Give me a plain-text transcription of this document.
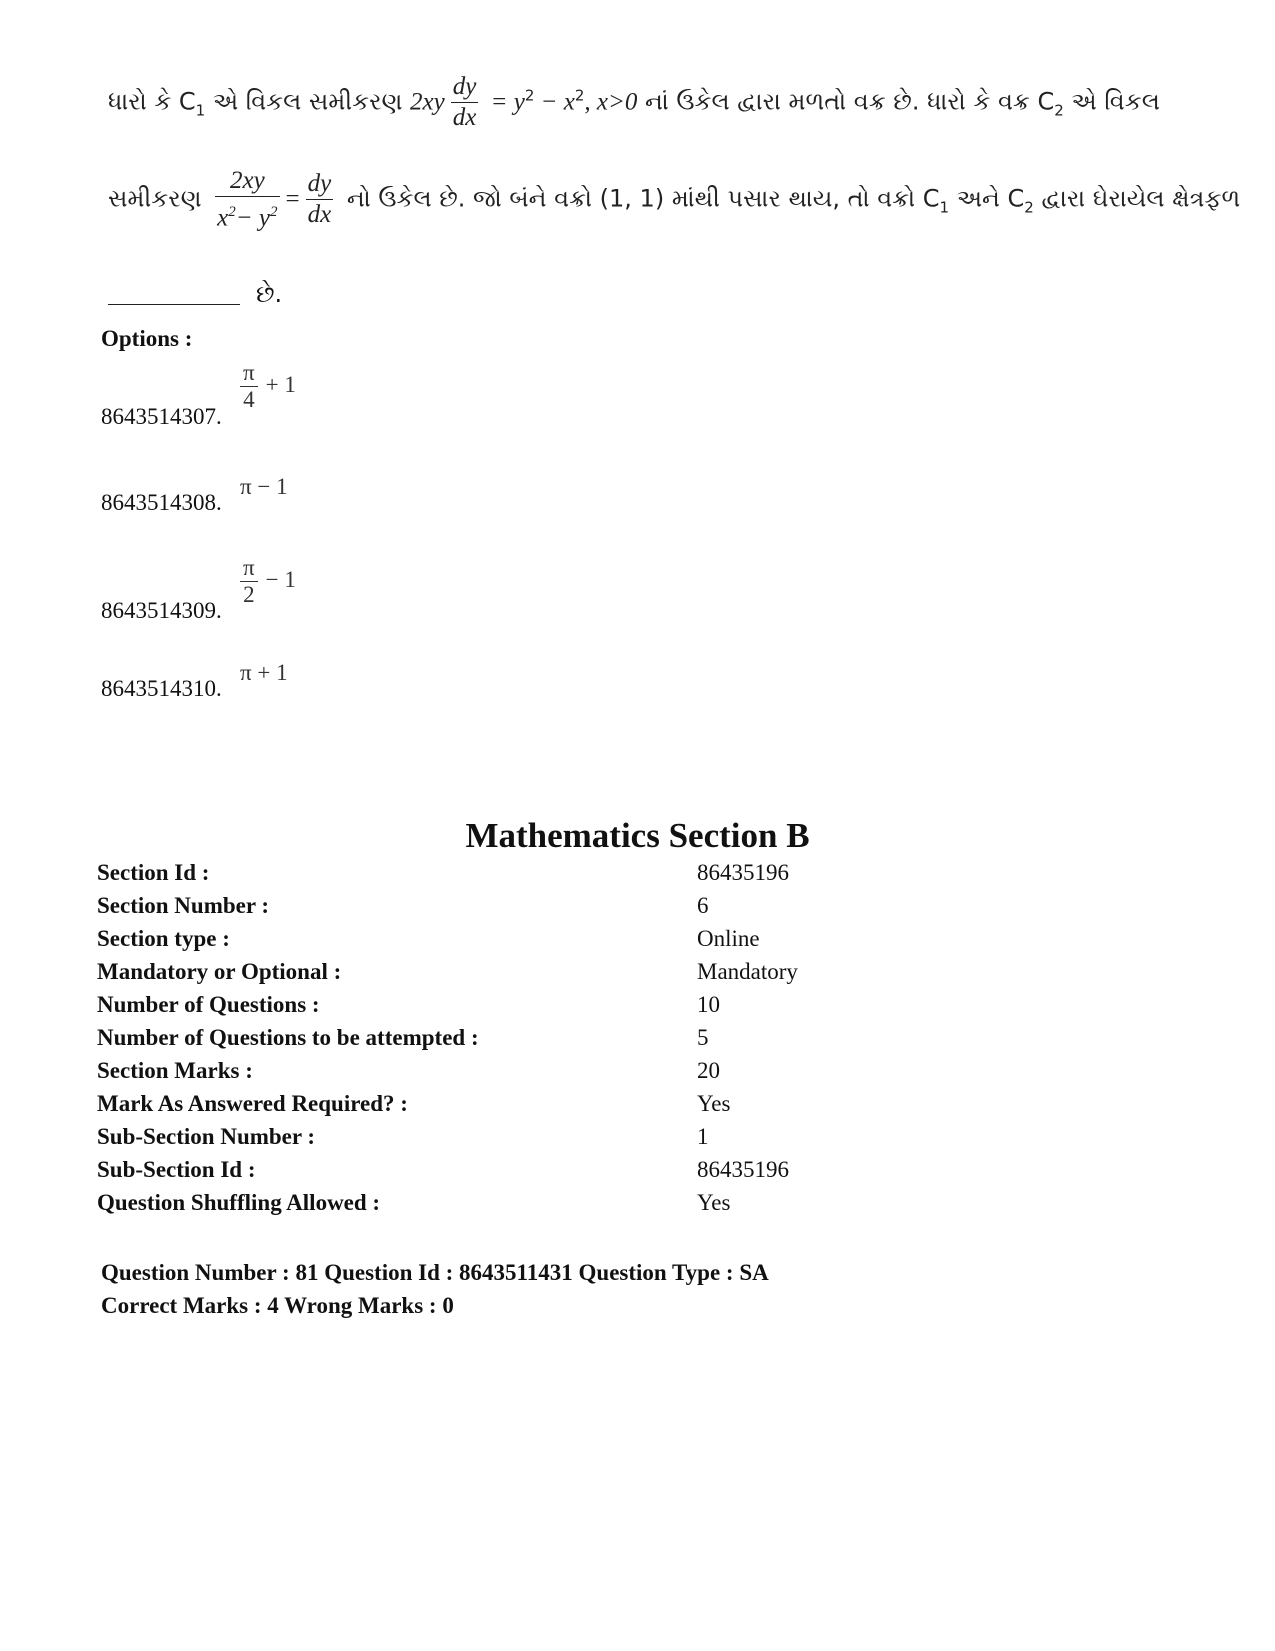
ધારો કે $C_1$ એ વિકલ સમીકરણ $2xy \frac{dy}{dx} = y^2 - x^2$, x>0 નાં ઉકેલ દ્વારા મળતો વક્ર છે. ધારો કે વક્ર $C_2$ એ વિકલ
સમીકરણ $\frac{2xy}{x^2- y^2} = \frac{dy}{dx}$ નો ઉકેલ છે. જો બંને વક્રો (1, 1) માંથી પસાર થાય, તો વક્રો $C_1$ અને $C_2$ દ્વારા ઘેરાયેલ ક્ષેત્રફળ
છે.
Options :
8643514307.
$\frac{\pi}{4} + 1$
8643514308.
π − 1
8643514309.
$\frac{\pi}{2} - 1$
8643514310.
π + 1
Mathematics Section B
Section Id :	86435196
Section Number :	6
Section type :	Online
Mandatory or Optional :	Mandatory
Number of Questions :	10
Number of Questions to be attempted :	5
Section Marks :	20
Mark As Answered Required? :	Yes
Sub-Section Number :	1
Sub-Section Id :	86435196
Question Shuffling Allowed :	Yes
Question Number : 81 Question Id : 8643511431 Question Type : SA
Correct Marks : 4 Wrong Marks : 0
